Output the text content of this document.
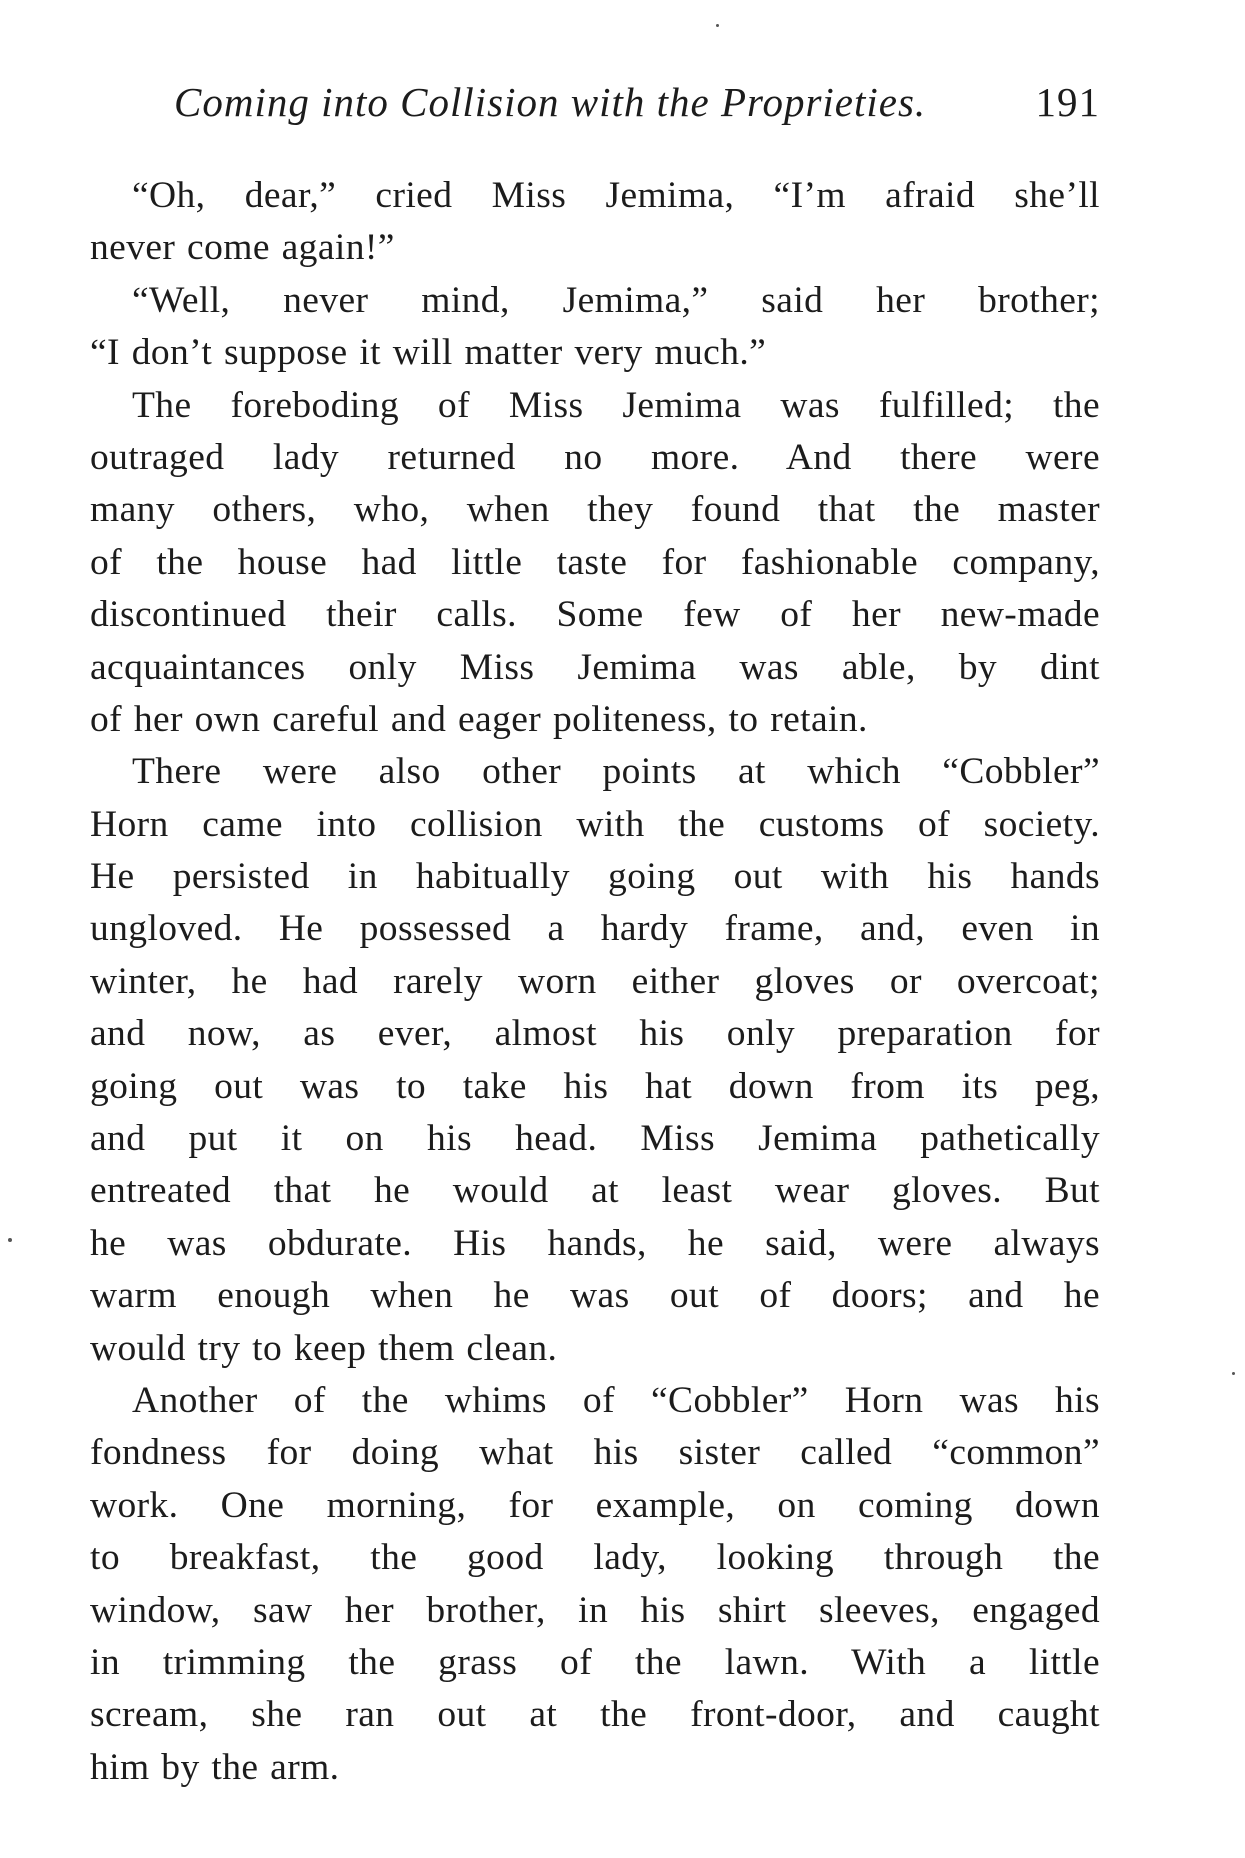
Coming into Collision with the Proprieties.	191
“Oh, dear,” cried Miss Jemima, “I’m afraid she’ll
never come again!”
“Well, never mind, Jemima,” said her brother;
“I don’t suppose it will matter very much.”
The foreboding of Miss Jemima was fulfilled; the
outraged lady returned no more. And there were
many others, who, when they found that the master
of the house had little taste for fashionable company,
discontinued their calls. Some few of her new-made
acquaintances only Miss Jemima was able, by dint
of her own careful and eager politeness, to retain.
There were also other points at which “Cobbler”
Horn came into collision with the customs of society.
He persisted in habitually going out with his hands
ungloved. He possessed a hardy frame, and, even in
winter, he had rarely worn either gloves or overcoat;
and now, as ever, almost his only preparation for
going out was to take his hat down from its peg,
and put it on his head. Miss Jemima pathetically
entreated that he would at least wear gloves. But
he was obdurate. His hands, he said, were always
warm enough when he was out of doors; and he
would try to keep them clean.
Another of the whims of “Cobbler” Horn was his
fondness for doing what his sister called “common”
work. One morning, for example, on coming down
to breakfast, the good lady, looking through the
window, saw her brother, in his shirt sleeves, engaged
in trimming the grass of the lawn. With a little
scream, she ran out at the front-door, and caught
him by the arm.
